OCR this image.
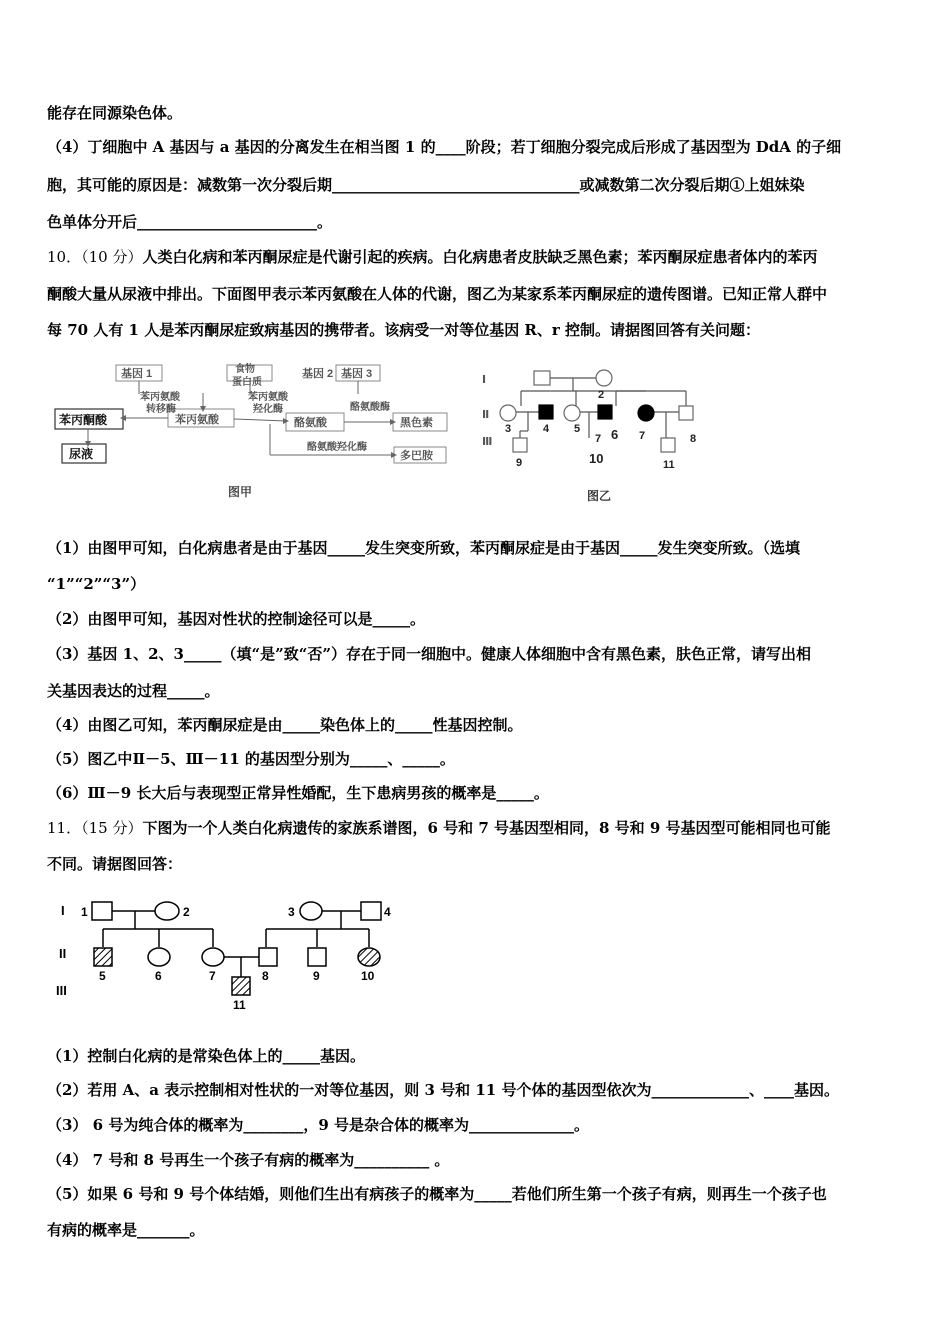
能存在同源染色体。
（4）丁细胞中 A 基因与 a 基因的分离发生在相当图 1 的____阶段；若丁细胞分裂完成后形成了基因型为 DdA 的子细
胞，其可能的原因是：减数第一次分裂后期_________________________________或减数第二次分裂后期①上姐妹染
色单体分开后________________________。
10．（10 分）人类白化病和苯丙酮尿症是代谢引起的疾病。白化病患者皮肤缺乏黑色素；苯丙酮尿症患者体内的苯丙
酮酸大量从尿液中排出。下面图甲表示苯丙氨酸在人体的代谢，图乙为某家系苯丙酮尿症的遗传图谱。已知正常人群中
每 70 人有 1 人是苯丙酮尿症致病基因的携带者。该病受一对等位基因 R、r 控制。请据图回答有关问题：
基因 1	食物
蛋白质
基因 3
苯丙氨酸
转移酶
苯丙氨酸
羟化酶
苯丙氨酸	酪氨酸
酪氨酸酶
黑色素
酪氨酸羟化酶
多巴胺
基因 2
苯丙酮酸
尿液
图甲
Ⅰ
Ⅱ
Ⅲ
2
3	4 5 6 7
7	8
9	10	11
图乙
（1）由图甲可知，白化病患者是由于基因_____发生突变所致，苯丙酮尿症是由于基因_____发生突变所致。（选填
“1”“2”“3”）
（2）由图甲可知，基因对性状的控制途径可以是_____。
（3）基因 1、2、3_____（填“是”致“否”）存在于同一细胞中。健康人体细胞中含有黑色素，肤色正常，请写出相
关基因表达的过程_____。
（4）由图乙可知，苯丙酮尿症是由_____染色体上的_____性基因控制。
（5）图乙中Ⅱ－5、Ⅲ－11 的基因型分别为_____、_____。
（6）Ⅲ－9 长大后与表现型正常异性婚配，生下患病男孩的概率是_____。
11．（15 分）下图为一个人类白化病遗传的家族系谱图，6 号和 7 号基因型相同，8 号和 9 号基因型可能相同也可能
不同。请据图回答：
I
II
III
1	2	3	4
5	6	7	8	9	10
11
（1）控制白化病的是常染色体上的_____基因。
（2）若用 A、a 表示控制相对性状的一对等位基因，则 3 号和 11 号个体的基因型依次为_____________、____基因。
（3） 6 号为纯合体的概率为________，9 号是杂合体的概率为______________。
（4） 7 号和 8 号再生一个孩子有病的概率为__________ 。
（5）如果 6 号和 9 号个体结婚，则他们生出有病孩子的概率为_____若他们所生第一个孩子有病，则再生一个孩子也
有病的概率是_______。
